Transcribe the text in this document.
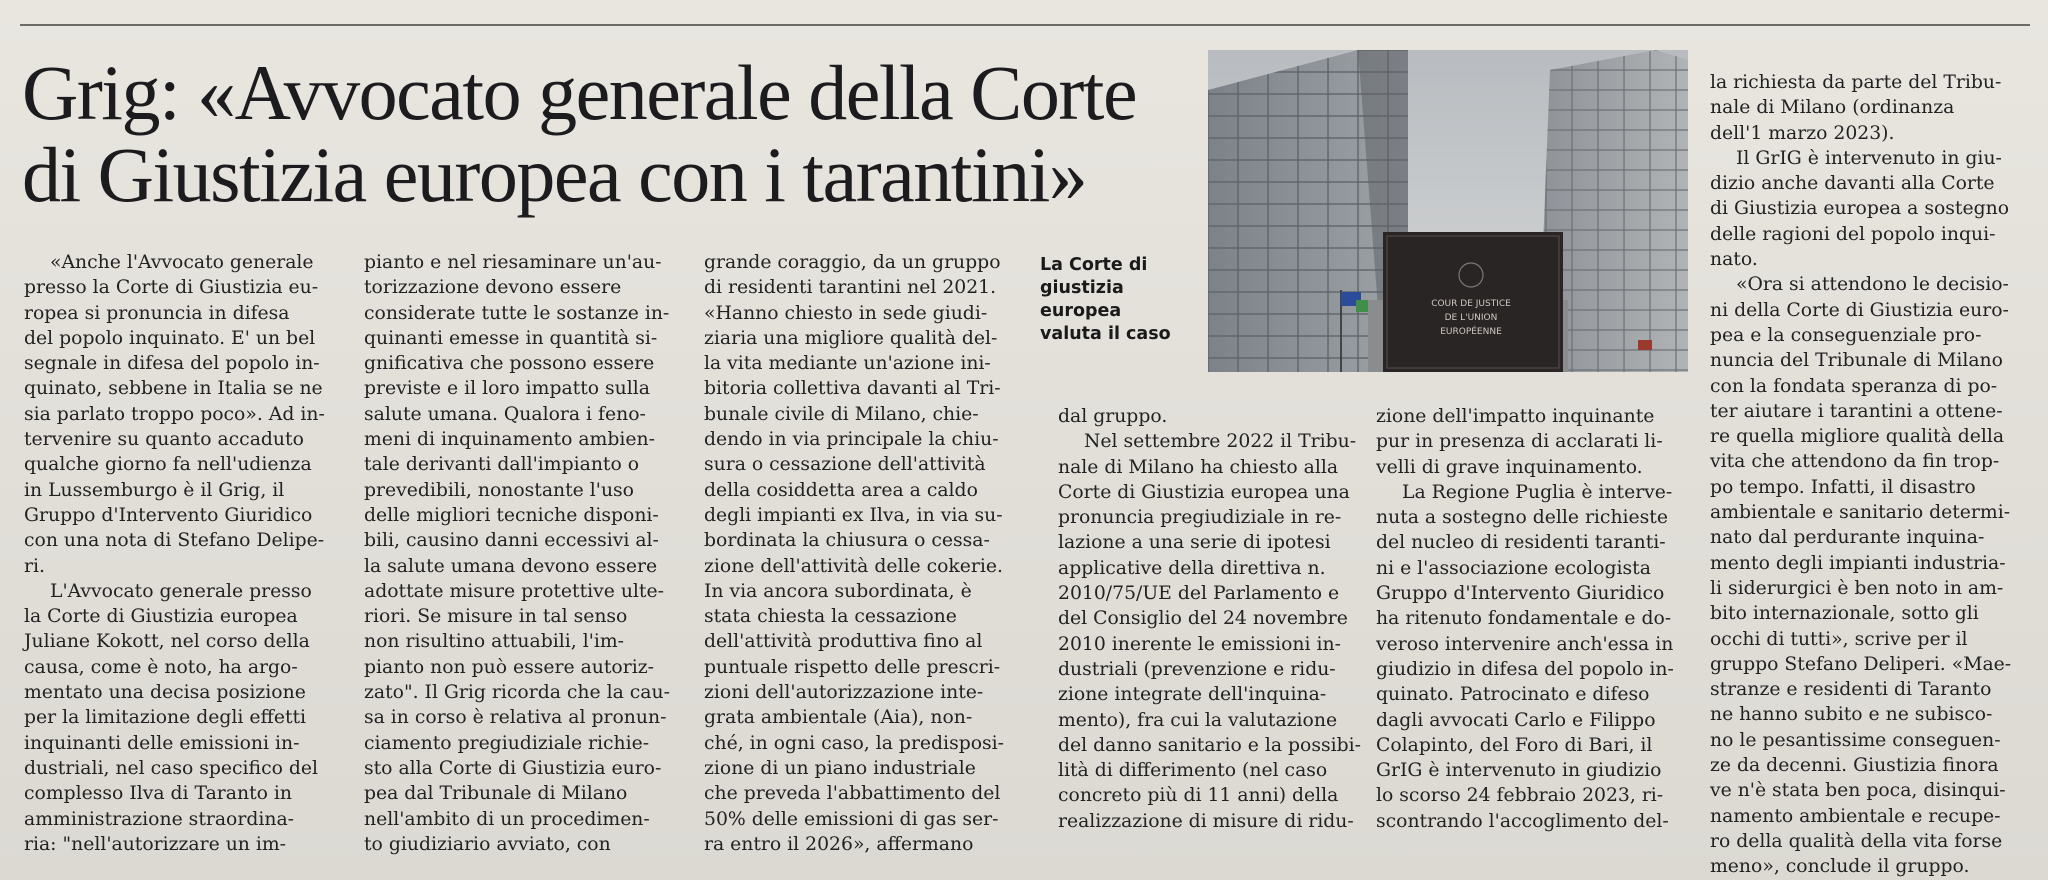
Grig: «Avvocato generale della Corte
di Giustizia europea con i tarantini»
La Corte di
giustizia
europea
valuta il caso
COUR DE JUSTICE
DE L'UNION
EUROPÉENNE

«Anche l'Avvocato generale
presso la Corte di Giustizia eu-
ropea si pronuncia in difesa
del popolo inquinato. E' un bel
segnale in difesa del popolo in-
quinato, sebbene in Italia se ne
sia parlato troppo poco». Ad in-
tervenire su quanto accaduto
qualche giorno fa nell'udienza
in Lussemburgo è il Grig, il
Gruppo d'Intervento Giuridico
con una nota di Stefano Delipe-
ri.
L'Avvocato generale presso
la Corte di Giustizia europea
Juliane Kokott, nel corso della
causa, come è noto, ha argo-
mentato una decisa posizione
per la limitazione degli effetti
inquinanti delle emissioni in-
dustriali, nel caso specifico del
complesso Ilva di Taranto in
amministrazione straordina-
ria: "nell'autorizzare un im-

pianto e nel riesaminare un'au-
torizzazione devono essere
considerate tutte le sostanze in-
quinanti emesse in quantità si-
gnificativa che possono essere
previste e il loro impatto sulla
salute umana. Qualora i feno-
meni di inquinamento ambien-
tale derivanti dall'impianto o
prevedibili, nonostante l'uso
delle migliori tecniche disponi-
bili, causino danni eccessivi al-
la salute umana devono essere
adottate misure protettive ulte-
riori. Se misure in tal senso
non risultino attuabili, l'im-
pianto non può essere autoriz-
zato". Il Grig ricorda che la cau-
sa in corso è relativa al pronun-
ciamento pregiudiziale richie-
sto alla Corte di Giustizia euro-
pea dal Tribunale di Milano
nell'ambito di un procedimen-
to giudiziario avviato, con

grande coraggio, da un gruppo
di residenti tarantini nel 2021.
«Hanno chiesto in sede giudi-
ziaria una migliore qualità del-
la vita mediante un'azione ini-
bitoria collettiva davanti al Tri-
bunale civile di Milano, chie-
dendo in via principale la chiu-
sura o cessazione dell'attività
della cosiddetta area a caldo
degli impianti ex Ilva, in via su-
bordinata la chiusura o cessa-
zione dell'attività delle cokerie.
In via ancora subordinata, è
stata chiesta la cessazione
dell'attività produttiva fino al
puntuale rispetto delle prescri-
zioni dell'autorizzazione inte-
grata ambientale (Aia), non-
ché, in ogni caso, la predisposi-
zione di un piano industriale
che preveda l'abbattimento del
50% delle emissioni di gas ser-
ra entro il 2026», affermano

dal gruppo.
Nel settembre 2022 il Tribu-
nale di Milano ha chiesto alla
Corte di Giustizia europea una
pronuncia pregiudiziale in re-
lazione a una serie di ipotesi
applicative della direttiva n.
2010/75/UE del Parlamento e
del Consiglio del 24 novembre
2010 inerente le emissioni in-
dustriali (prevenzione e ridu-
zione integrate dell'inquina-
mento), fra cui la valutazione
del danno sanitario e la possibi-
lità di differimento (nel caso
concreto più di 11 anni) della
realizzazione di misure di ridu-

zione dell'impatto inquinante
pur in presenza di acclarati li-
velli di grave inquinamento.
La Regione Puglia è interve-
nuta a sostegno delle richieste
del nucleo di residenti taranti-
ni e l'associazione ecologista
Gruppo d'Intervento Giuridico
ha ritenuto fondamentale e do-
veroso intervenire anch'essa in
giudizio in difesa del popolo in-
quinato. Patrocinato e difeso
dagli avvocati Carlo e Filippo
Colapinto, del Foro di Bari, il
GrIG è intervenuto in giudizio
lo scorso 24 febbraio 2023, ri-
scontrando l'accoglimento del-

la richiesta da parte del Tribu-
nale di Milano (ordinanza
dell'1 marzo 2023).
Il GrIG è intervenuto in giu-
dizio anche davanti alla Corte
di Giustizia europea a sostegno
delle ragioni del popolo inqui-
nato.
«Ora si attendono le decisio-
ni della Corte di Giustizia euro-
pea e la conseguenziale pro-
nuncia del Tribunale di Milano
con la fondata speranza di po-
ter aiutare i tarantini a ottene-
re quella migliore qualità della
vita che attendono da fin trop-
po tempo. Infatti, il disastro
ambientale e sanitario determi-
nato dal perdurante inquina-
mento degli impianti industria-
li siderurgici è ben noto in am-
bito internazionale, sotto gli
occhi di tutti», scrive per il
gruppo Stefano Deliperi. «Mae-
stranze e residenti di Taranto
ne hanno subito e ne subisco-
no le pesantissime conseguen-
ze da decenni. Giustizia finora
ve n'è stata ben poca, disinqui-
namento ambientale e recupe-
ro della qualità della vita forse
meno», conclude il gruppo.
